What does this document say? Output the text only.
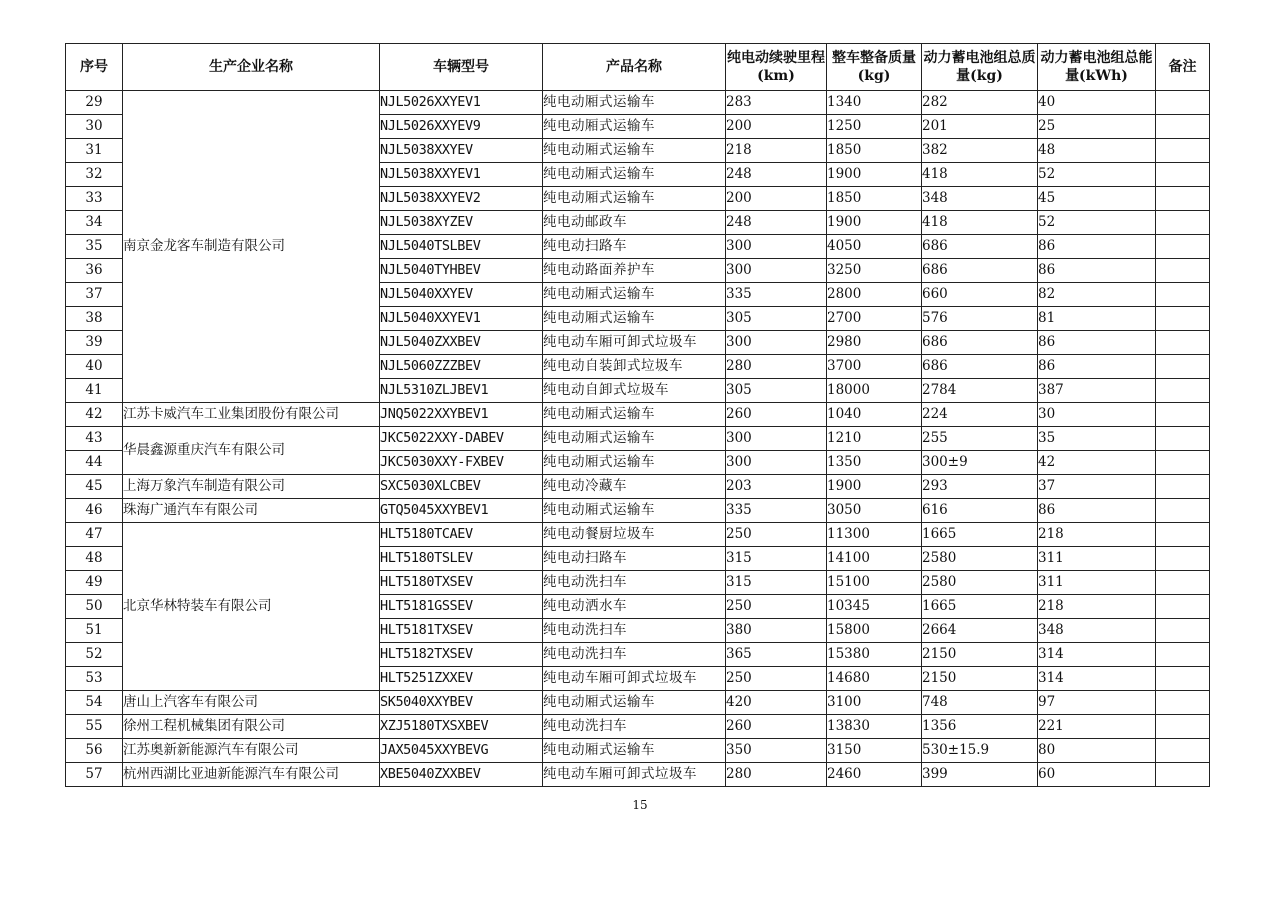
序号	生产企业名称	车辆型号	产品名称	纯电动续驶里程(km)	整车整备质量(kg)	动力蓄电池组总质量(kg)	动力蓄电池组总能量(kWh)	备注
29	南京金龙客车制造有限公司	NJL5026XXYEV1	纯电动厢式运输车	283	1340	282	40	
30		NJL5026XXYEV9	纯电动厢式运输车	200	1250	201	25	
31		NJL5038XXYEV	纯电动厢式运输车	218	1850	382	48	
32		NJL5038XXYEV1	纯电动厢式运输车	248	1900	418	52	
33		NJL5038XXYEV2	纯电动厢式运输车	200	1850	348	45	
34		NJL5038XYZEV	纯电动邮政车	248	1900	418	52	
35		NJL5040TSLBEV	纯电动扫路车	300	4050	686	86	
36		NJL5040TYHBEV	纯电动路面养护车	300	3250	686	86	
37		NJL5040XXYEV	纯电动厢式运输车	335	2800	660	82	
38		NJL5040XXYEV1	纯电动厢式运输车	305	2700	576	81	
39		NJL5040ZXXBEV	纯电动车厢可卸式垃圾车	300	2980	686	86	
40		NJL5060ZZZBEV	纯电动自装卸式垃圾车	280	3700	686	86	
41		NJL5310ZLJBEV1	纯电动自卸式垃圾车	305	18000	2784	387	
42	江苏卡威汽车工业集团股份有限公司	JNQ5022XXYBEV1	纯电动厢式运输车	260	1040	224	30	
43	华晨鑫源重庆汽车有限公司	JKC5022XXY-DABEV	纯电动厢式运输车	300	1210	255	35	
44		JKC5030XXY-FXBEV	纯电动厢式运输车	300	1350	300±9	42	
45	上海万象汽车制造有限公司	SXC5030XLCBEV	纯电动冷藏车	203	1900	293	37	
46	珠海广通汽车有限公司	GTQ5045XXYBEV1	纯电动厢式运输车	335	3050	616	86	
47	北京华林特装车有限公司	HLT5180TCAEV	纯电动餐厨垃圾车	250	11300	1665	218	
48		HLT5180TSLEV	纯电动扫路车	315	14100	2580	311	
49		HLT5180TXSEV	纯电动洗扫车	315	15100	2580	311	
50		HLT5181GSSEV	纯电动洒水车	250	10345	1665	218	
51		HLT5181TXSEV	纯电动洗扫车	380	15800	2664	348	
52		HLT5182TXSEV	纯电动洗扫车	365	15380	2150	314	
53		HLT5251ZXXEV	纯电动车厢可卸式垃圾车	250	14680	2150	314	
54	唐山上汽客车有限公司	SK5040XXYBEV	纯电动厢式运输车	420	3100	748	97	
55	徐州工程机械集团有限公司	XZJ5180TXSXBEV	纯电动洗扫车	260	13830	1356	221	
56	江苏奥新新能源汽车有限公司	JAX5045XXYBEVG	纯电动厢式运输车	350	3150	530±15.9	80	
57	杭州西湖比亚迪新能源汽车有限公司	XBE5040ZXXBEV	纯电动车厢可卸式垃圾车	280	2460	399	60	
15
